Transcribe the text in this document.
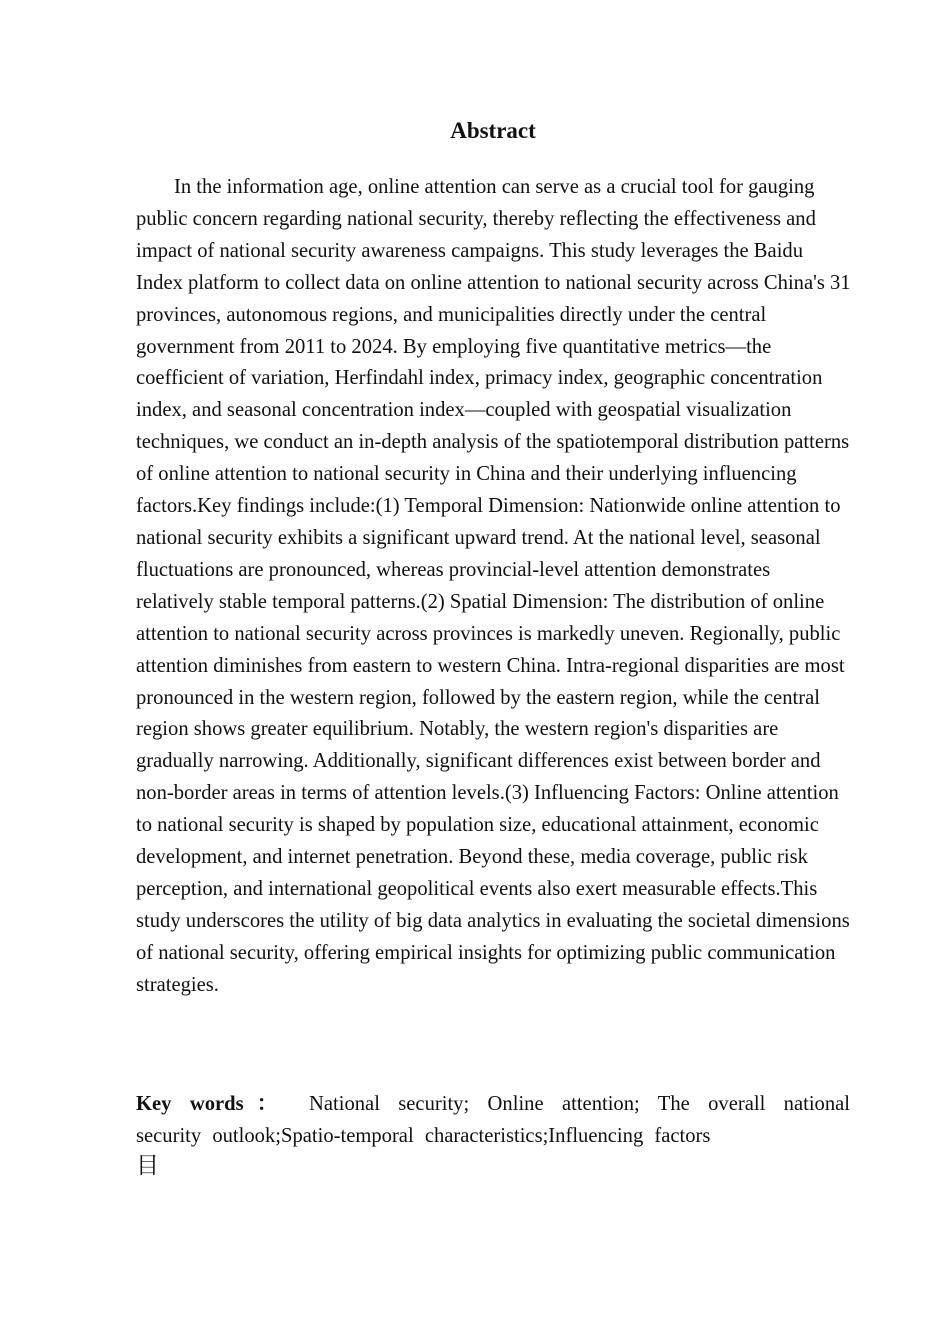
Abstract

In the information age, online attention can serve as a crucial tool for gauging public concern regarding national security, thereby reflecting the effectiveness and impact of national security awareness campaigns. This study leverages the Baidu Index platform to collect data on online attention to national security across China's 31 provinces, autonomous regions, and municipalities directly under the central government from 2011 to 2024. By employing five quantitative metrics—the coefficient of variation, Herfindahl index, primacy index, geographic concentration index, and seasonal concentration index—coupled with geospatial visualization techniques, we conduct an in-depth analysis of the spatiotemporal distribution patterns of online attention to national security in China and their underlying influencing factors.Key findings include:(1) Temporal Dimension: Nationwide online attention to national security exhibits a significant upward trend. At the national level, seasonal fluctuations are pronounced, whereas provincial-level attention demonstrates relatively stable temporal patterns.(2) Spatial Dimension: The distribution of online attention to national security across provinces is markedly uneven. Regionally, public attention diminishes from eastern to western China. Intra-regional disparities are most pronounced in the western region, followed by the eastern region, while the central region shows greater equilibrium. Notably, the western region's disparities are gradually narrowing. Additionally, significant differences exist between border and non-border areas in terms of attention levels.(3) Influencing Factors: Online attention to national security is shaped by population size, educational attainment, economic development, and internet penetration. Beyond these, media coverage, public risk perception, and international geopolitical events also exert measurable effects.This study underscores the utility of big data analytics in evaluating the societal dimensions of national security, offering empirical insights for optimizing public communication strategies.

Key words： National security; Online attention; The overall national

security outlook;Spatio-temporal characteristics;Influencing factors

目
